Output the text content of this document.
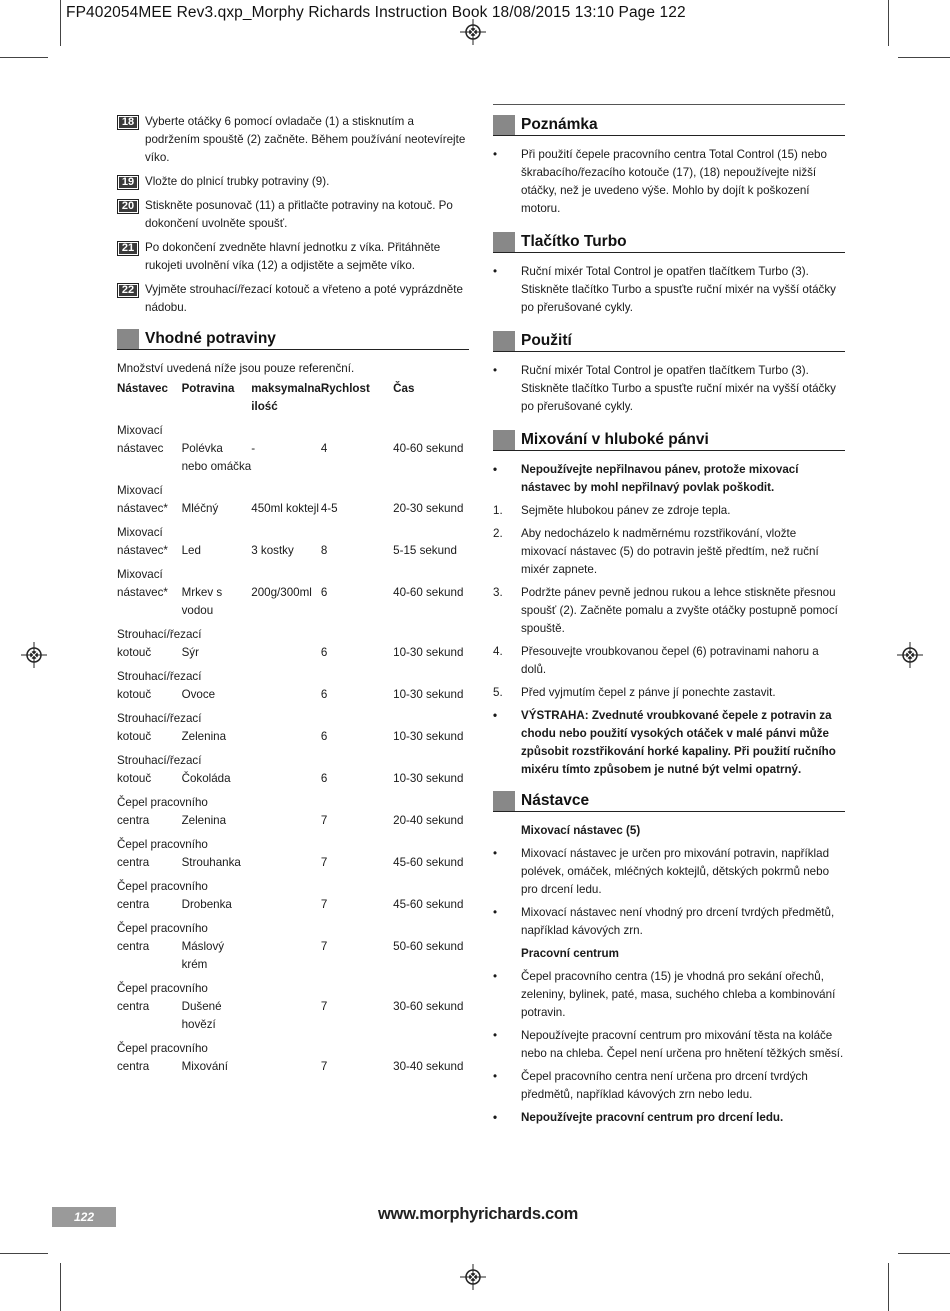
FP402054MEE Rev3.qxp_Morphy Richards Instruction Book 18/08/2015 13:10 Page 122
18 Vyberte otáčky 6 pomocí ovladače (1) a stisknutím a podržením spouště (2) začněte. Během používání neotevírejte víko.
19 Vložte do plnicí trubky potraviny (9).
20 Stiskněte posunovač (11) a přitlačte potraviny na kotouč. Po dokončení uvolněte spoušť.
21 Po dokončení zvedněte hlavní jednotku z víka. Přitáhněte rukojeti uvolnění víka (12) a odjistěte a sejměte víko.
22 Vyjměte strouhací/řezací kotouč a vřeteno a poté vyprázdněte nádobu.
Vhodné potraviny
Množství uvedená níže jsou pouze referenční.
Nástavec	Potravina	maksymalna ilość	Rychlost	Čas

Mixovací				
nástavec	Polévka nebo omáčka	-	4	40-60 sekund

Mixovací				
nástavec*	Mléčný	450ml koktejl	4-5	20-30 sekund

Mixovací				
nástavec*	Led	3 kostky	8	5-15 sekund

Mixovací				
nástavec*	Mrkev s vodou	200g/300ml	6	40-60 sekund

Strouhací/řezací				
kotouč	Sýr		6	10-30 sekund

Strouhací/řezací				
kotouč	Ovoce		6	10-30 sekund

Strouhací/řezací				
kotouč	Zelenina		6	10-30 sekund

Strouhací/řezací				
kotouč	Čokoláda		6	10-30 sekund

Čepel pracovního				
centra	Zelenina		7	20-40 sekund

Čepel pracovního				
centra	Strouhanka		7	45-60 sekund

Čepel pracovního				
centra	Drobenka		7	45-60 sekund

Čepel pracovního				
centra	Máslový krém		7	50-60 sekund

Čepel pracovního				
centra	Dušené hovězí		7	30-60 sekund

Čepel pracovního				
centra	Mixování		7	30-40 sekund
Poznámka
• Při použití čepele pracovního centra Total Control (15) nebo škrabacího/řezacího kotouče (17), (18) nepoužívejte nižší otáčky, než je uvedeno výše. Mohlo by dojít k poškození motoru.
Tlačítko Turbo
• Ruční mixér Total Control je opatřen tlačítkem Turbo (3). Stiskněte tlačítko Turbo a spusťte ruční mixér na vyšší otáčky po přerušované cykly.
Použití
• Ruční mixér Total Control je opatřen tlačítkem Turbo (3). Stiskněte tlačítko Turbo a spusťte ruční mixér na vyšší otáčky po přerušované cykly.
Mixování v hluboké pánvi
• Nepoužívejte nepřilnavou pánev, protože mixovací nástavec by mohl nepřilnavý povlak poškodit.
1. Sejměte hlubokou pánev ze zdroje tepla.
2. Aby nedocházelo k nadměrnému rozstřikování, vložte mixovací nástavec (5) do potravin ještě předtím, než ruční mixér zapnete.
3. Podržte pánev pevně jednou rukou a lehce stiskněte přesnou spoušť (2). Začněte pomalu a zvyšte otáčky postupně pomocí spouště.
4. Přesouvejte vroubkovanou čepel (6) potravinami nahoru a dolů.
5. Před vyjmutím čepel z pánve jí ponechte zastavit.
• VÝSTRAHA: Zvednuté vroubkované čepele z potravin za chodu nebo použití vysokých otáček v malé pánvi může způsobit rozstřikování horké kapaliny. Při použití ručního mixéru tímto způsobem je nutné být velmi opatrný.
Nástavce
Mixovací nástavec (5)
• Mixovací nástavec je určen pro mixování potravin, například polévek, omáček, mléčných koktejlů, dětských pokrmů nebo pro drcení ledu.
• Mixovací nástavec není vhodný pro drcení tvrdých předmětů, například kávových zrn.
Pracovní centrum
• Čepel pracovního centra (15) je vhodná pro sekání ořechů, zeleniny, bylinek, paté, masa, suchého chleba a kombinování potravin.
• Nepoužívejte pracovní centrum pro mixování těsta na koláče nebo na chleba. Čepel není určena pro hnětení těžkých směsí.
• Čepel pracovního centra není určena pro drcení tvrdých předmětů, například kávových zrn nebo ledu.
• Nepoužívejte pracovní centrum pro drcení ledu.
122	www.morphyrichards.com
